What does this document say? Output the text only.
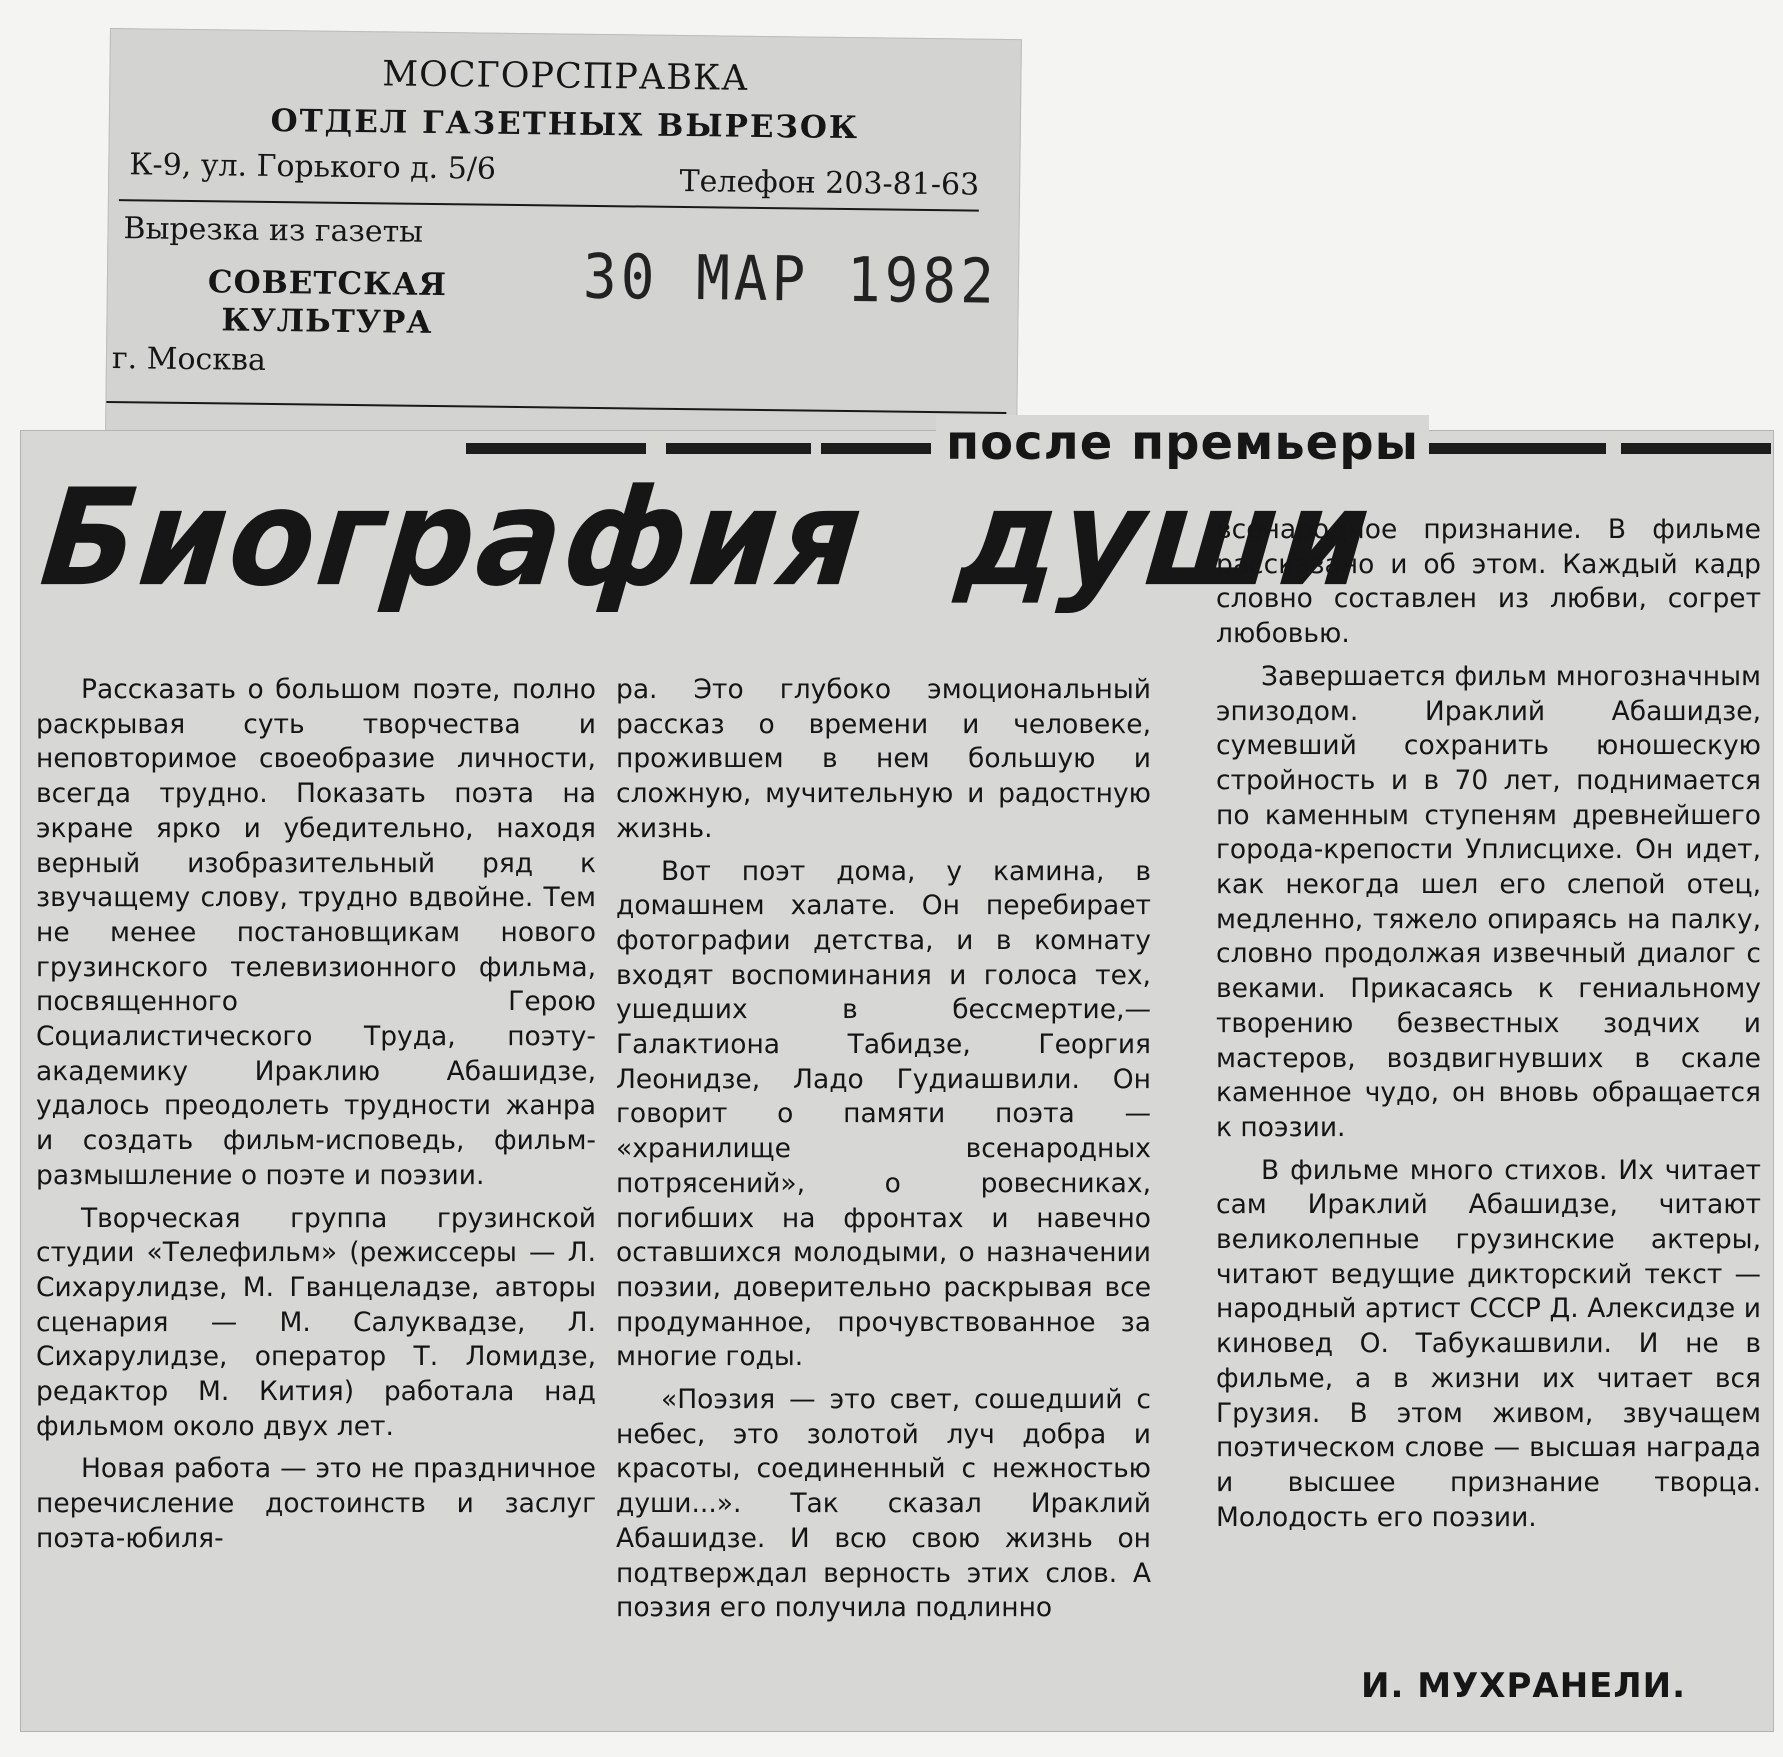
МОСГОРСПРАВКА
ОТДЕЛ ГАЗЕТНЫХ ВЫРЕЗОК
К-9, ул. Горького д. 5/6	Телефон 203-81-63
Вырезка из газеты
СОВЕТСКАЯ
КУЛЬТУРА
30 МАР 1982
г. Москва
после премьеры
Биография души

Рассказать о большом поэте, полно раскрывая суть творчества и неповторимое своеобразие личности, всегда трудно. Показать поэта на экране ярко и убедительно, находя верный изобразительный ряд к звучащему слову, трудно вдвойне. Тем не менее постановщикам нового грузинского телевизионного фильма, посвященного Герою Социалистического Труда, поэту-академику Ираклию Абашидзе, удалось преодолеть трудности жанра и создать фильм-исповедь, фильм-размышление о поэте и поэзии.

Творческая группа грузинской студии «Телефильм» (режиссеры — Л. Сихарулидзе, М. Гванцеладзе, авторы сценария — М. Салуквадзе, Л. Сихарулидзе, оператор Т. Ломидзе, редактор М. Кития) работала над фильмом около двух лет.

Новая работа — это не праздничное перечисление достоинств и заслуг поэта-юбиля-

ра. Это глубоко эмоциональный рассказ о времени и человеке, прожившем в нем большую и сложную, мучительную и радостную жизнь.

Вот поэт дома, у камина, в домашнем халате. Он перебирает фотографии детства, и в комнату входят воспоминания и голоса тех, ушедших в бессмертие,— Галактиона Табидзе, Георгия Леонидзе, Ладо Гудиашвили. Он говорит о памяти поэта — «хранилище всенародных потрясений», о ровесниках, погибших на фронтах и навечно оставшихся молодыми, о назначении поэзии, доверительно раскрывая все продуманное, прочувствованное за многие годы.

«Поэзия — это свет, сошедший с небес, это золотой луч добра и красоты, соединенный с нежностью души...». Так сказал Ираклий Абашидзе. И всю свою жизнь он подтверждал верность этих слов. А поэзия его получила подлинно

всенародное признание. В фильме рассказано и об этом. Каждый кадр словно составлен из любви, согрет любовью.

Завершается фильм многозначным эпизодом. Ираклий Абашидзе, сумевший сохранить юношескую стройность и в 70 лет, поднимается по каменным ступеням древнейшего города-крепости Уплисцихе. Он идет, как некогда шел его слепой отец, медленно, тяжело опираясь на палку, словно продолжая извечный диалог с веками. Прикасаясь к гениальному творению безвестных зодчих и мастеров, воздвигнувших в скале каменное чудо, он вновь обращается к поэзии.

В фильме много стихов. Их читает сам Ираклий Абашидзе, читают великолепные грузинские актеры, читают ведущие дикторский текст — народный артист СССР Д. Алексидзе и киновед О. Табукашвили. И не в фильме, а в жизни их читает вся Грузия. В этом живом, звучащем поэтическом слове — высшая награда и высшее признание творца. Молодость его поэзии.

И. МУХРАНЕЛИ.
